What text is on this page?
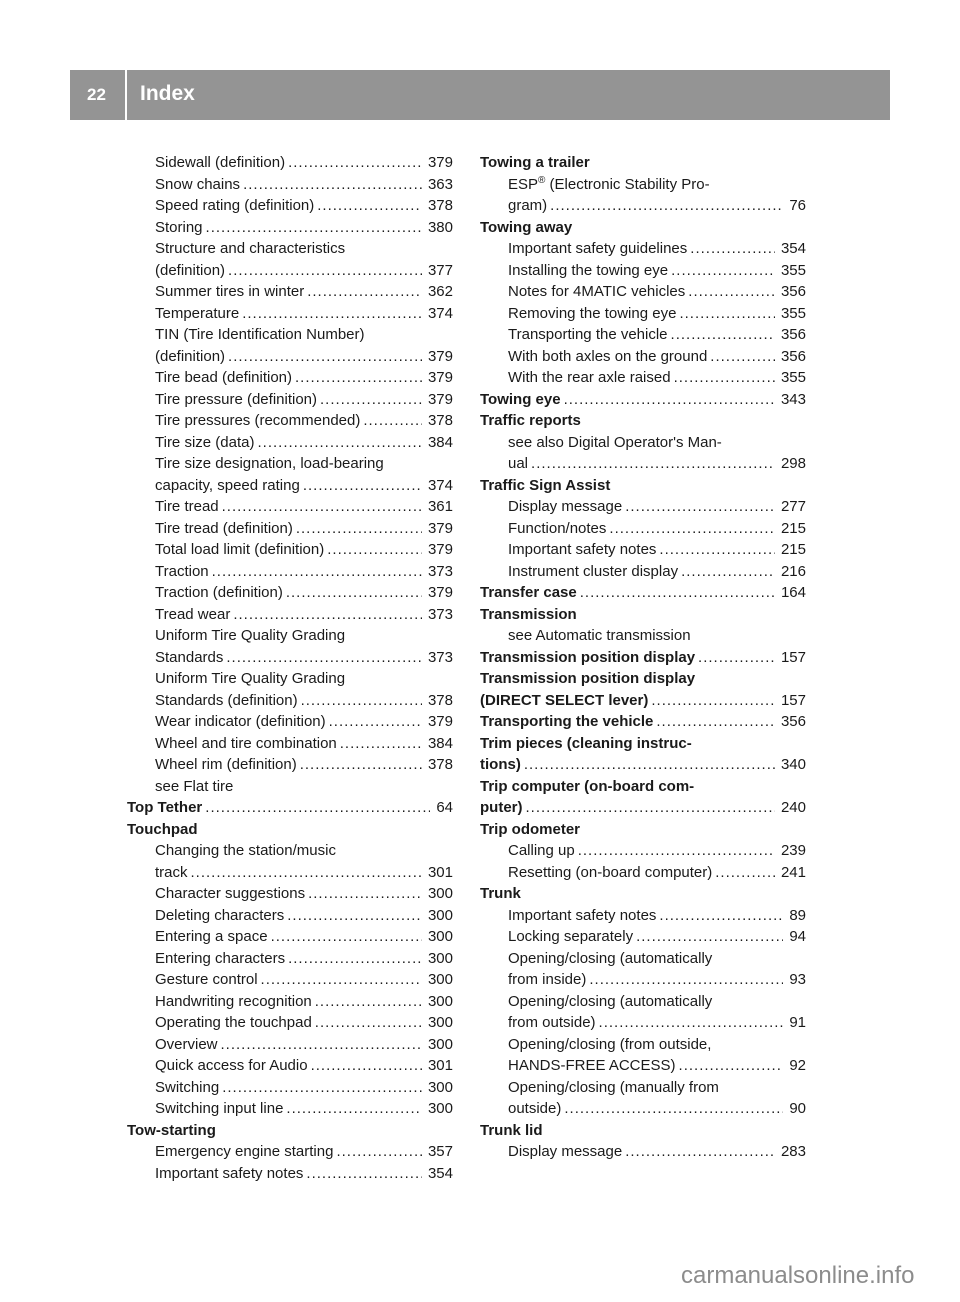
22 Index
Sidewall (definition) .....	379
Snow chains .....	363
Speed rating (definition) .....	378
Storing .....	380
Structure and characteristics
(definition) .....	377
Summer tires in winter .....	362
Temperature .....	374
TIN (Tire Identification Number)
(definition) .....	379
Tire bead (definition) .....	379
Tire pressure (definition) .....	379
Tire pressures (recommended) .....	378
Tire size (data) .....	384
Tire size designation, load-bearing
capacity, speed rating .....	374
Tire tread .....	361
Tire tread (definition) .....	379
Total load limit (definition) .....	379
Traction .....	373
Traction (definition) .....	379
Tread wear .....	373
Uniform Tire Quality Grading
Standards .....	373
Uniform Tire Quality Grading
Standards (definition) .....	378
Wear indicator (definition) .....	379
Wheel and tire combination .....	384
Wheel rim (definition) .....	378
see Flat tire
Top Tether .....	64
Touchpad
Changing the station/music
track .....	301
Character suggestions .....	300
Deleting characters .....	300
Entering a space .....	300
Entering characters .....	300
Gesture control .....	300
Handwriting recognition .....	300
Operating the touchpad .....	300
Overview .....	300
Quick access for Audio .....	301
Switching .....	300
Switching input line .....	300
Tow-starting
Emergency engine starting .....	357
Important safety notes .....	354
Towing a trailer
ESP® (Electronic Stability Pro-
gram) .....	76
Towing away
Important safety guidelines .....	354
Installing the towing eye .....	355
Notes for 4MATIC vehicles .....	356
Removing the towing eye .....	355
Transporting the vehicle .....	356
With both axles on the ground .....	356
With the rear axle raised .....	355
Towing eye .....	343
Traffic reports
see also Digital Operator's Man-
ual .....	298
Traffic Sign Assist
Display message .....	277
Function/notes .....	215
Important safety notes .....	215
Instrument cluster display .....	216
Transfer case .....	164
Transmission
see Automatic transmission
Transmission position display .....	157
Transmission position display
(DIRECT SELECT lever) .....	157
Transporting the vehicle .....	356
Trim pieces (cleaning instruc-
tions) .....	340
Trip computer (on-board com-
puter) .....	240
Trip odometer
Calling up .....	239
Resetting (on-board computer) .....	241
Trunk
Important safety notes .....	89
Locking separately .....	94
Opening/closing (automatically
from inside) .....	93
Opening/closing (automatically
from outside) .....	91
Opening/closing (from outside,
HANDS-FREE ACCESS) .....	92
Opening/closing (manually from
outside) .....	90
Trunk lid
Display message .....	283
carmanualsonline.info
